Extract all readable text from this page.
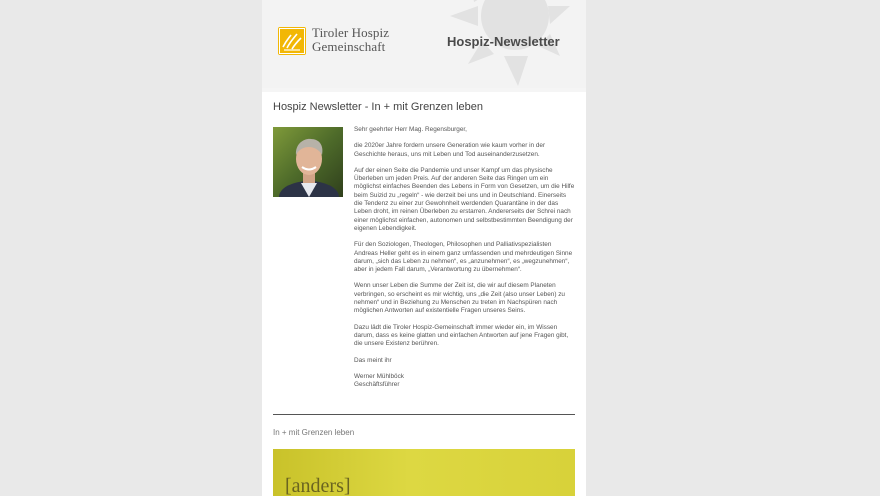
Tiroler Hospiz
Gemeinschaft	Hospiz-Newsletter
Hospiz Newsletter - In + mit Grenzen leben

Sehr geehrter Herr Mag. Regensburger,

die 2020er Jahre fordern unsere Generation wie kaum vorher in der Geschichte heraus, uns mit Leben und Tod auseinanderzusetzen.

Auf der einen Seite die Pandemie und unser Kampf um das physische Überleben um jeden Preis. Auf der anderen Seite das Ringen um ein möglichst einfaches Beenden des Lebens in Form von Gesetzen, um die Hilfe beim Suizid zu „regeln“ - wie derzeit bei uns und in Deutschland. Einerseits die Tendenz zu einer zur Gewohnheit werdenden Quarantäne in der das Leben droht, im reinen Überleben zu erstarren. Andererseits der Schrei nach einer möglichst einfachen, autonomen und selbstbestimmten Beendigung der eigenen Lebendigkeit.

Für den Soziologen, Theologen, Philosophen und Palliativspezialisten Andreas Heller geht es in einem ganz umfassenden und mehrdeutigen Sinne darum, „sich das Leben zu nehmen“, es „anzunehmen“, es „wegzunehmen“, aber in jedem Fall darum, „Verantwortung zu übernehmen“.

Wenn unser Leben die Summe der Zeit ist, die wir auf diesem Planeten verbringen, so erscheint es mir wichtig, uns „die Zeit (also unser Leben) zu nehmen“ und in Beziehung zu Menschen zu treten im Nachspüren nach möglichen Antworten auf existentielle Fragen unseres Seins.

Dazu lädt die Tiroler Hospiz-Gemeinschaft immer wieder ein, im Wissen darum, dass es keine glatten und einfachen Antworten auf jene Fragen gibt, die unsere Existenz berühren.

Das meint ihr

Werner Mühlböck

Geschäftsführer

In + mit Grenzen leben
[anders]
